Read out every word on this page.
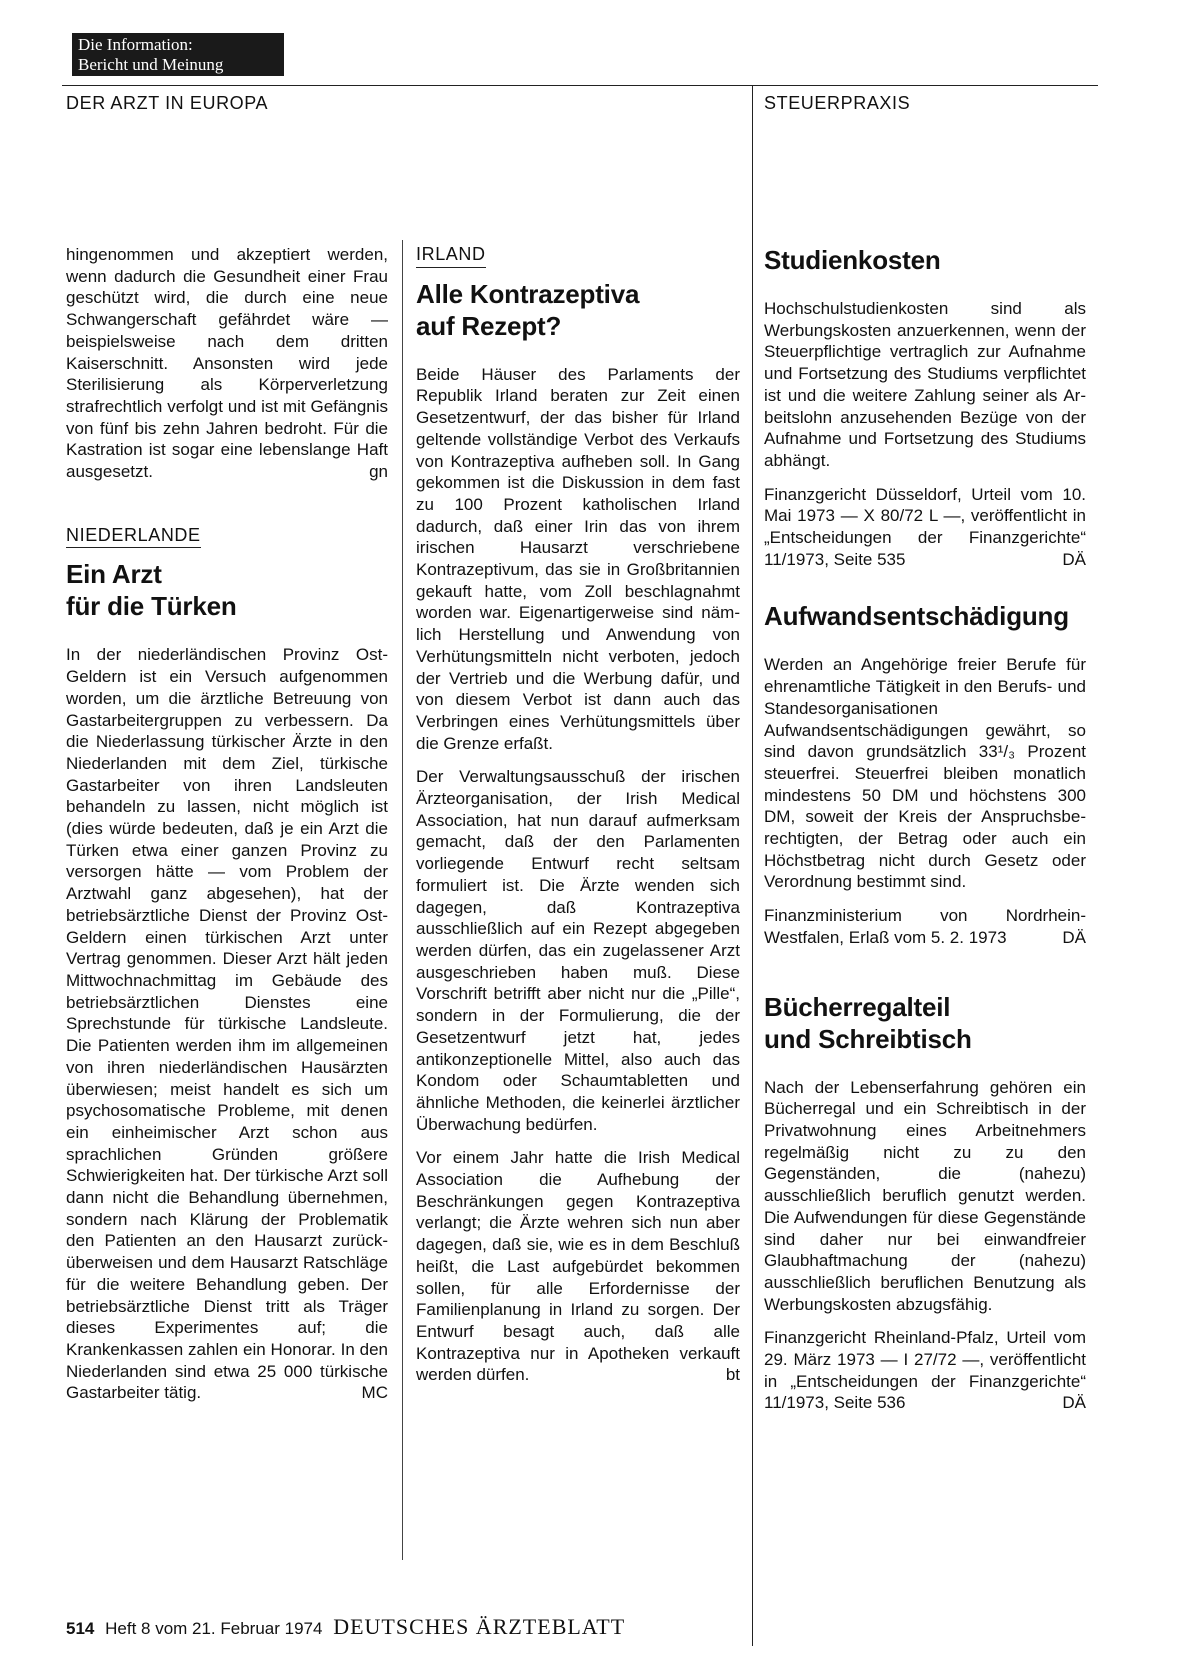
Die Information:
Bericht und Meinung
DER ARZT IN EUROPA	STEUERPRAXIS

hingenommen und akzeptiert werden, wenn dadurch die Gesundheit einer Frau geschützt wird, die durch eine neue Schwangerschaft gefährdet wäre — beispielsweise nach dem dritten Kaiserschnitt. Ansonsten wird jede Sterilisierung als Körperverletzung strafrechtlich verfolgt und ist mit Gefängnis von fünf bis zehn Jahren bedroht. Für die Kastration ist sogar eine lebenslange Haft ausgesetzt.	gn

NIEDERLANDE
Ein Arzt
für die Türken

In der niederländischen Provinz Ost-Geldern ist ein Versuch aufgenommen worden, um die ärztliche Betreuung von Gastarbeitergruppen zu verbessern. Da die Niederlassung türkischer Ärzte in den Niederlanden mit dem Ziel, türkische Gastarbeiter von ihren Landsleuten behandeln zu lassen, nicht möglich ist (dies würde bedeuten, daß je ein Arzt die Türken etwa einer ganzen Provinz zu versorgen hätte — vom Problem der Arztwahl ganz abgesehen), hat der betriebsärztliche Dienst der Provinz Ost-Geldern einen türkischen Arzt unter Vertrag genommen. Dieser Arzt hält jeden Mittwochnachmittag im Gebäude des betriebsärztlichen Dienstes eine Sprechstunde für türkische Landsleute. Die Patienten werden ihm im allgemeinen von ihren niederländischen Hausärzten überwiesen; meist handelt es sich um psychosomatische Probleme, mit denen ein einheimischer Arzt schon aus sprachlichen Gründen größere Schwierigkeiten hat. Der türkische Arzt soll dann nicht die Behandlung übernehmen, sondern nach Klärung der Problematik den Patienten an den Hausarzt zurücküberweisen und dem Hausarzt Ratschläge für die weitere Behandlung geben. Der betriebsärztliche Dienst tritt als Träger dieses Experimentes auf; die Krankenkassen zahlen ein Honorar. In den Niederlanden sind etwa 25 000 türkische Gastarbeiter tätig.	MC

IRLAND
Alle Kontrazeptiva
auf Rezept?

Beide Häuser des Parlaments der Republik Irland beraten zur Zeit einen Gesetzentwurf, der das bisher für Irland geltende vollständige Verbot des Verkaufs von Kontrazeptiva aufheben soll. In Gang gekommen ist die Diskussion in dem fast zu 100 Prozent katholischen Irland dadurch, daß einer Irin das von ihrem irischen Hausarzt verschriebene Kontrazeptivum, das sie in Großbritannien gekauft hatte, vom Zoll beschlagnahmt worden war. Eigenartigerweise sind nämlich Herstellung und Anwendung von Verhütungsmitteln nicht verboten, jedoch der Vertrieb und die Werbung dafür, und von diesem Verbot ist dann auch das Verbringen eines Verhütungsmittels über die Grenze erfaßt.

Der Verwaltungsausschuß der irischen Ärzteorganisation, der Irish Medical Association, hat nun darauf aufmerksam gemacht, daß der den Parlamenten vorliegende Entwurf recht seltsam formuliert ist. Die Ärzte wenden sich dagegen, daß Kontrazeptiva ausschließlich auf ein Rezept abgegeben werden dürfen, das ein zugelassener Arzt ausgeschrieben haben muß. Diese Vorschrift betrifft aber nicht nur die „Pille“, sondern in der Formulierung, die der Gesetzentwurf jetzt hat, jedes antikonzeptionelle Mittel, also auch das Kondom oder Schaumtabletten und ähnliche Methoden, die keinerlei ärztlicher Überwachung bedürfen.

Vor einem Jahr hatte die Irish Medical Association die Aufhebung der Beschränkungen gegen Kontrazeptiva verlangt; die Ärzte wehren sich nun aber dagegen, daß sie, wie es in dem Beschluß heißt, die Last aufgebürdet bekommen sollen, für alle Erfordernisse der Familienplanung in Irland zu sorgen. Der Entwurf besagt auch, daß alle Kontrazeptiva nur in Apotheken verkauft werden dürfen.	bt

Studienkosten

Hochschulstudienkosten sind als Werbungskosten anzuerkennen, wenn der Steuerpflichtige vertraglich zur Aufnahme und Fortsetzung des Studiums verpflichtet ist und die weitere Zahlung seiner als Arbeitslohn anzusehenden Bezüge von der Aufnahme und Fortsetzung des Studiums abhängt.

Finanzgericht Düsseldorf, Urteil vom 10. Mai 1973 — X 80/72 L —, veröffentlicht in „Entscheidungen der Finanzgerichte“ 11/1973, Seite 535	DÄ

Aufwandsentschädigung

Werden an Angehörige freier Berufe für ehrenamtliche Tätigkeit in den Berufs- und Standesorganisationen Aufwandsentschädigungen gewährt, so sind davon grundsätzlich 33¹/₃ Prozent steuerfrei. Steuerfrei bleiben monatlich mindestens 50 DM und höchstens 300 DM, soweit der Kreis der Anspruchsberechtigten, der Betrag oder auch ein Höchstbetrag nicht durch Gesetz oder Verordnung bestimmt sind.

Finanzministerium von Nordrhein-Westfalen, Erlaß vom 5. 2. 1973	DÄ

Bücherregalteil
und Schreibtisch

Nach der Lebenserfahrung gehören ein Bücherregal und ein Schreibtisch in der Privatwohnung eines Arbeitnehmers regelmäßig nicht zu zu den Gegenständen, die (nahezu) ausschließlich beruflich genutzt werden. Die Aufwendungen für diese Gegenstände sind daher nur bei einwandfreier Glaubhaftmachung der (nahezu) ausschließlich beruflichen Benutzung als Werbungskosten abzugsfähig.

Finanzgericht Rheinland-Pfalz, Urteil vom 29. März 1973 — I 27/72 —, veröffentlicht in „Entscheidungen der Finanzgerichte“ 11/1973, Seite 536	DÄ

514 Heft 8 vom 21. Februar 1974 DEUTSCHES ÄRZTEBLATT
